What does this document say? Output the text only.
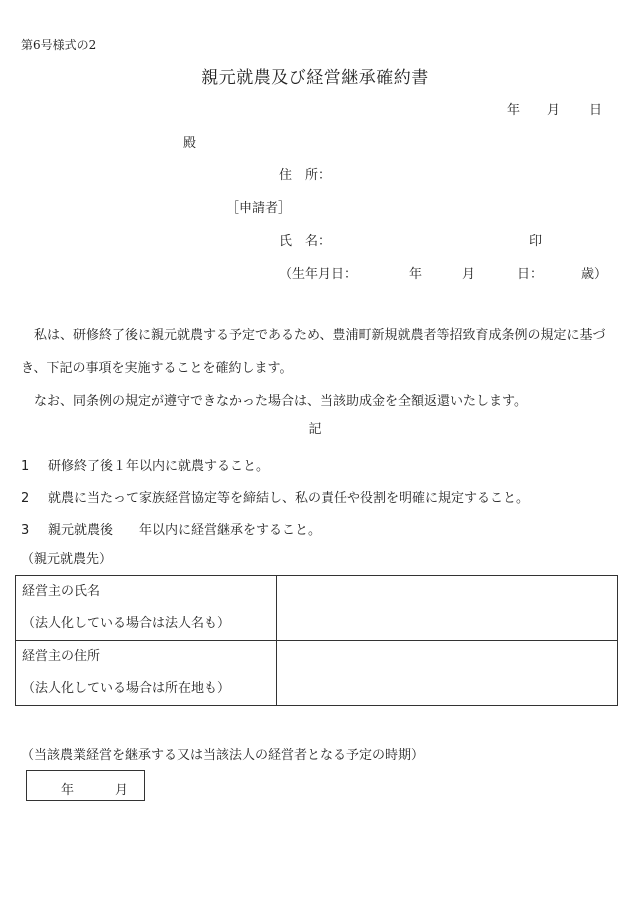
第6号様式の2
親元就農及び経営継承確約書
年 月 日
殿
住　所：
［申請者］
氏　名：	印
（生年月日：	年	月	日：	歳）
私は、研修終了後に親元就農する予定であるため、豊浦町新規就農者等招致育成条例の規定に基づき、下記の事項を実施することを確約します。
なお、同条例の規定が遵守できなかった場合は、当該助成金を全額返還いたします。
記
1 研修終了後１年以内に就農すること。
2 就農に当たって家族経営協定等を締結し、私の責任や役割を明確に規定すること。
3 親元就農後　　年以内に経営継承をすること。
（親元就農先）
経営主の氏名
（法人化している場合は法人名も）	

経営主の住所
（法人化している場合は所在地も）	

（当該農業経営を継承する又は当該法人の経営者となる予定の時期）
年	月
